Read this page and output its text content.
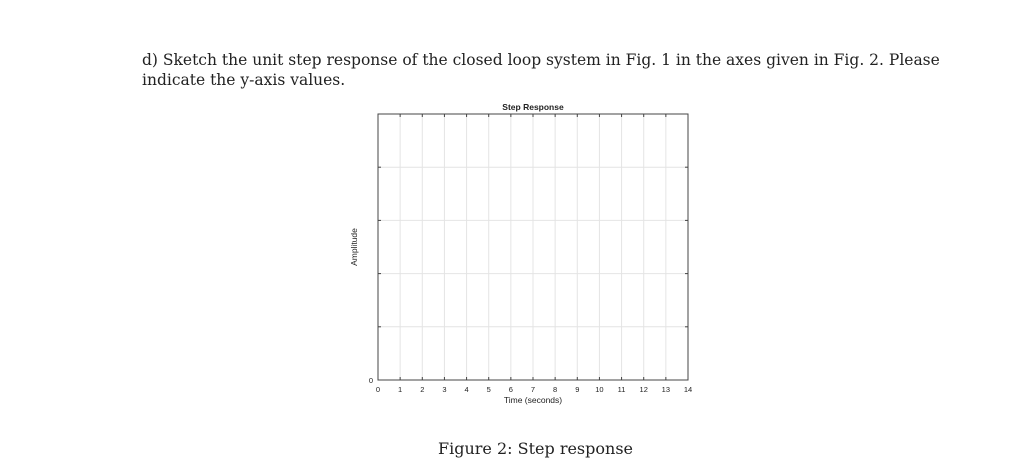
d) Sketch the unit step response of the closed loop system in Fig. 1 in the axes given in Fig. 2. Please indicate the y-axis values.
Step Response
0 1 2 3 4 5 6 7 8 9 10 11 12 13 14
0
Time (seconds)
Amplitude
Figure 2: Step response
